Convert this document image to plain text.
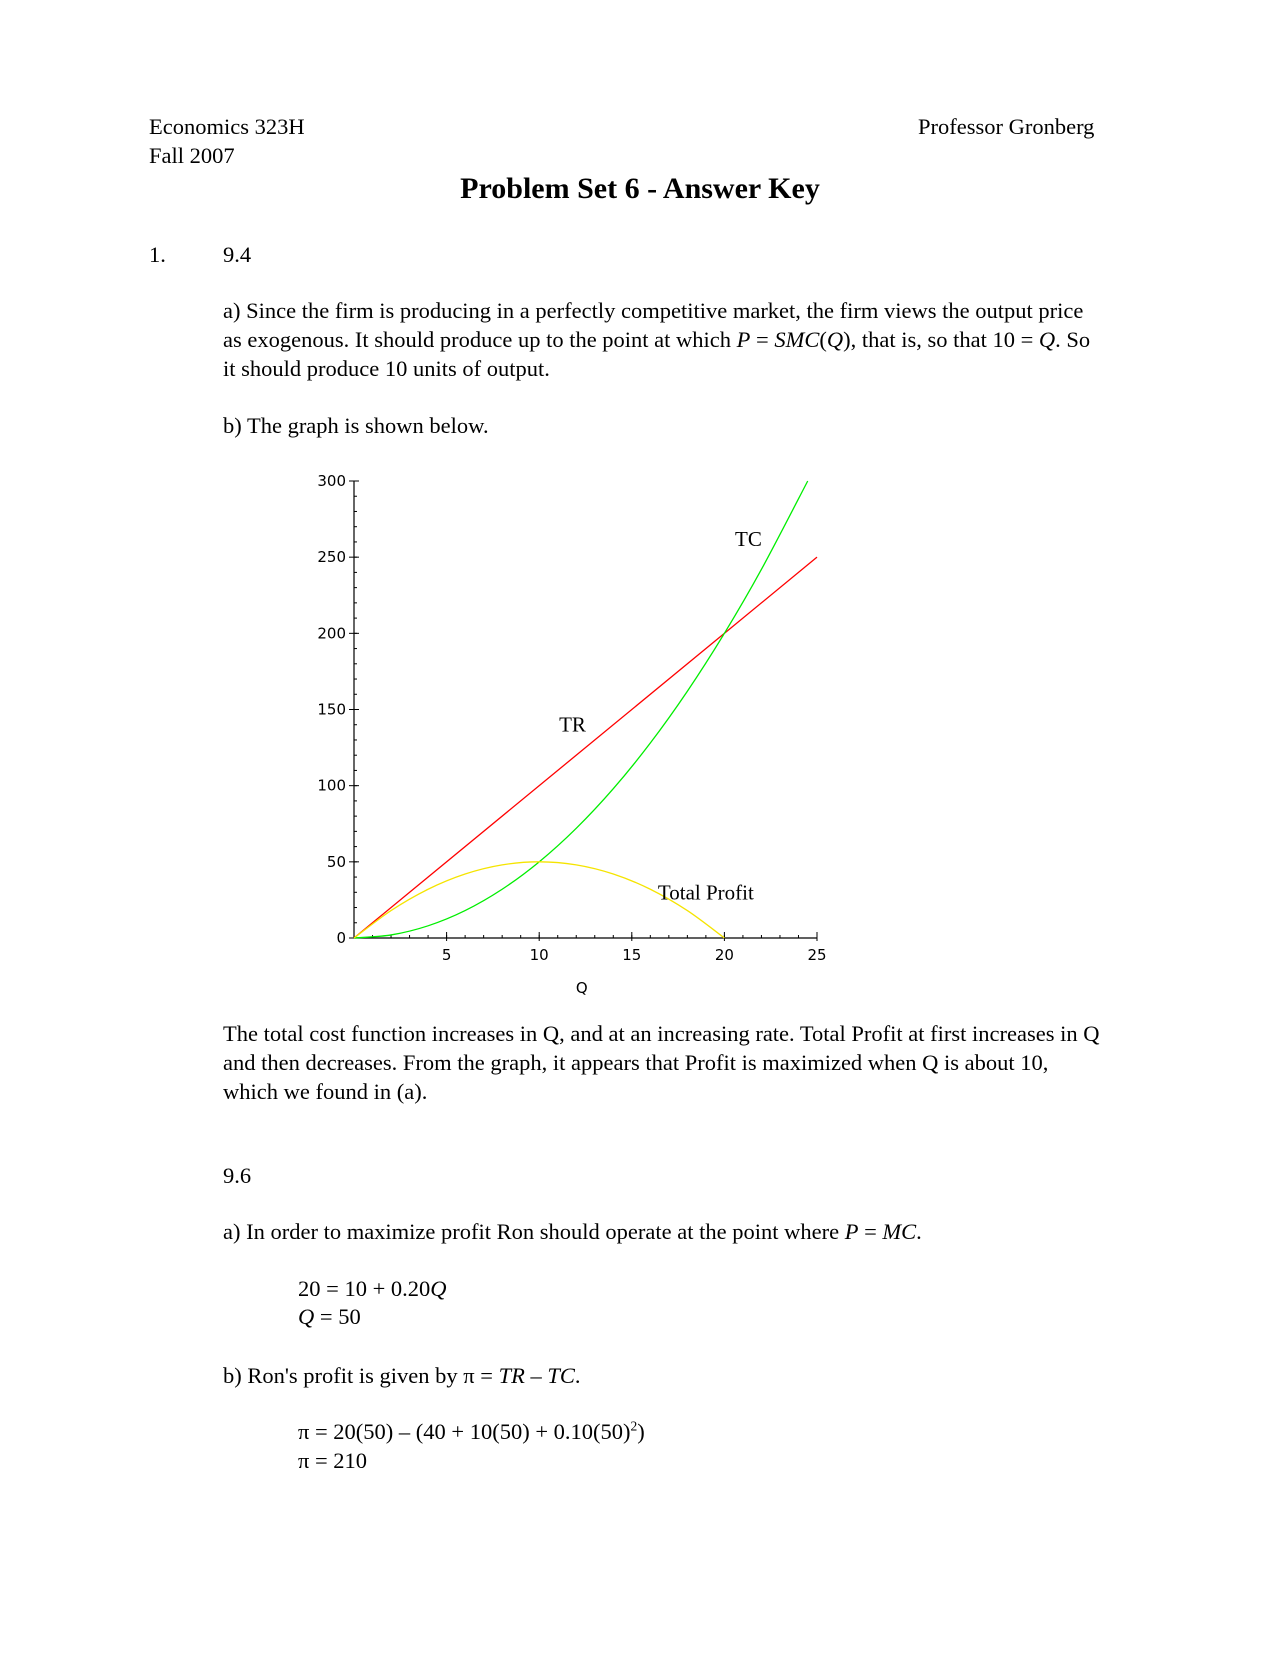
Economics 323H
Fall 2007
Professor Gronberg
Problem Set 6 - Answer Key
1.	9.4
a) Since the firm is producing in a perfectly competitive market, the firm views the output price as exogenous. It should produce up to the point at which P = SMC(Q), that is, so that 10 = Q. So it should produce 10 units of output.
b) The graph is shown below.
0
50
100
150
200
250
300
5	10	15	20	25
Q
TC
TR
Total Profit
The total cost function increases in Q, and at an increasing rate. Total Profit at first increases in Q and then decreases. From the graph, it appears that Profit is maximized when Q is about 10, which we found in (a).
9.6
a) In order to maximize profit Ron should operate at the point where P = MC.
20 = 10 + 0.20Q
Q = 50
b) Ron's profit is given by π = TR – TC.
$\pi = 20(50) - (40 + 10(50) + 0.10(50)^2)$
π = 210
